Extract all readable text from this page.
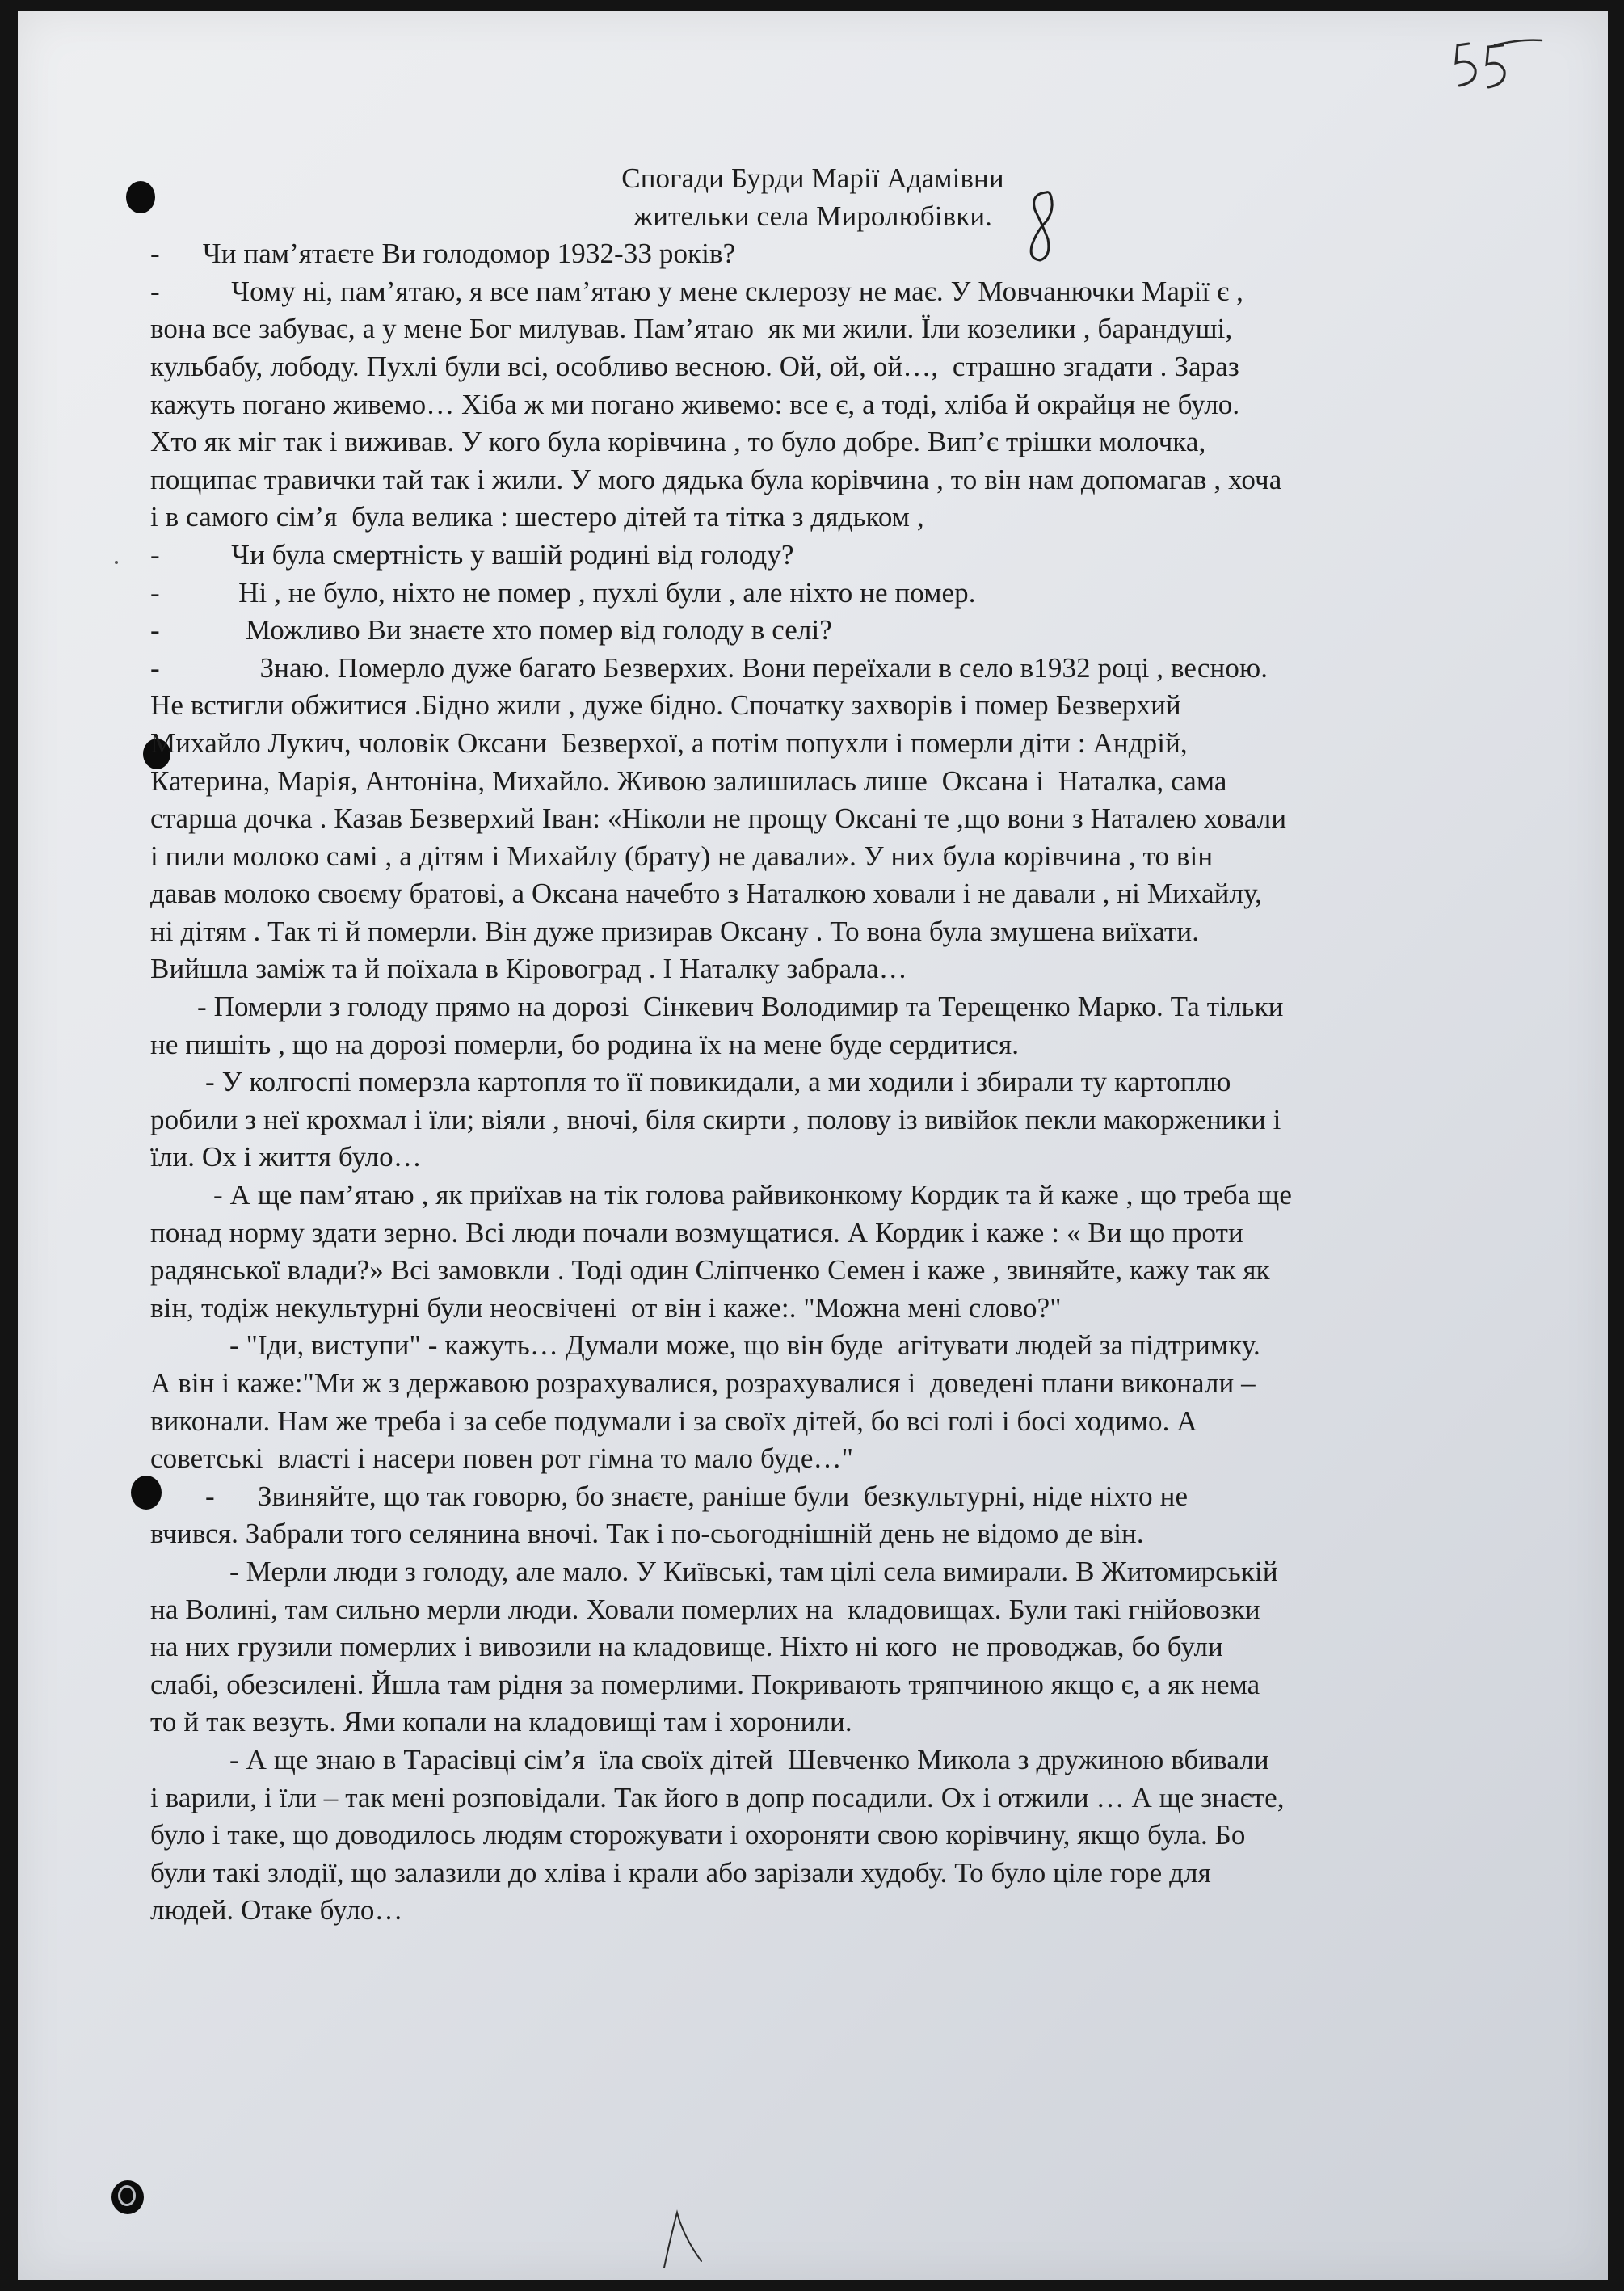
Спогади Бурди Марії Адамівни
жительки села Миролюбівки.
-      Чи пам’ятаєте Ви голодомор 1932-33 років?
-          Чому ні, пам’ятаю, я все пам’ятаю у мене склерозу не має. У Мовчанючки Марії є ,
вона все забуває, а у мене Бог милував. Пам’ятаю  як ми жили. Їли козелики , барандуші,
кульбабу, лободу. Пухлі були всі, особливо весною. Ой, ой, ой…,  страшно згадати . Зараз
кажуть погано живемо… Хіба ж ми погано живемо: все є, а тоді, хліба й окрайця не було.
Хто як міг так і виживав. У кого була корівчина , то було добре. Вип’є трішки молочка,
пощипає травички тай так і жили. У мого дядька була корівчина , то він нам допомагав , хоча
і в самого сім’я  була велика : шестеро дітей та тітка з дядьком ,
-          Чи була смертність у вашій родині від голоду?
-           Ні , не було, ніхто не помер , пухлі були , але ніхто не помер.
-            Можливо Ви знаєте хто помер від голоду в селі?
-              Знаю. Померло дуже багато Безверхих. Вони переїхали в село в1932 році , весною.
Не встигли обжитися .Бідно жили , дуже бідно. Спочатку захворів і помер Безверхий
Михайло Лукич, чоловік Оксани  Безверхої, а потім попухли і померли діти : Андрій,
Катерина, Марія, Антоніна, Михайло. Живою залишилась лише  Оксана і  Наталка, сама
старша дочка . Казав Безверхий Іван: «Ніколи не прощу Оксані те ,що вони з Наталею ховали
і пили молоко самі , а дітям і Михайлу (брату) не давали». У них була корівчина , то він
давав молоко своєму братові, а Оксана начебто з Наталкою ховали і не давали , ні Михайлу,
ні дітям . Так ті й померли. Він дуже призирав Оксану . То вона була змушена виїхати.
Вийшла заміж та й поїхала в Кіровоград . І Наталку забрала…
- Померли з голоду прямо на дорозі  Сінкевич Володимир та Терещенко Марко. Та тільки
не пишіть , що на дорозі померли, бо родина їх на мене буде сердитися.
- У колгоспі померзла картопля то її повикидали, а ми ходили і збирали ту картоплю
робили з неї крохмал і їли; віяли , вночі, біля скирти , полову із вивійок пекли макорженики і
їли. Ох і життя було…
- А ще пам’ятаю , як приїхав на тік голова райвиконкому Кордик та й каже , що треба ще
понад норму здати зерно. Всі люди почали возмущатися. А Кордик і каже : « Ви що проти
радянської влади?» Всі замовкли . Тоді один Сліпченко Семен і каже , звиняйте, кажу так як
він, тодіж некультурні були неосвічені  от він і каже:. "Можна мені слово?"
- "Іди, виступи" - кажуть… Думали може, що він буде  агітувати людей за підтримку.
А він і каже:"Ми ж з державою розрахувалися, розрахувалися і  доведені плани виконали –
виконали. Нам же треба і за себе подумали і за своїх дітей, бо всі голі і босі ходимо. А
советські  власті і насери повен рот гімна то мало буде…"
-      Звиняйте, що так говорю, бо знаєте, раніше були  безкультурні, ніде ніхто не
вчився. Забрали того селянина вночі. Так і по-сьогоднішній день не відомо де він.
- Мерли люди з голоду, але мало. У Київські, там цілі села вимирали. В Житомирській
на Волині, там сильно мерли люди. Ховали померлих на  кладовищах. Були такі гнійовозки
на них грузили померлих і вивозили на кладовище. Ніхто ні кого  не проводжав, бо були
слабі, обезсилені. Йшла там рідня за померлими. Покривають тряпчиною якщо є, а як нема
то й так везуть. Ями копали на кладовищі там і хоронили.
- А ще знаю в Тарасівці сім’я  їла своїх дітей  Шевченко Микола з дружиною вбивали
і варили, і їли – так мені розповідали. Так його в допр посадили. Ох і отжили … А ще знаєте,
було і таке, що доводилось людям сторожувати і охороняти свою корівчину, якщо була. Бо
були такі злодії, що залазили до хліва і крали або зарізали худобу. То було ціле горе для
людей. Отаке було…
